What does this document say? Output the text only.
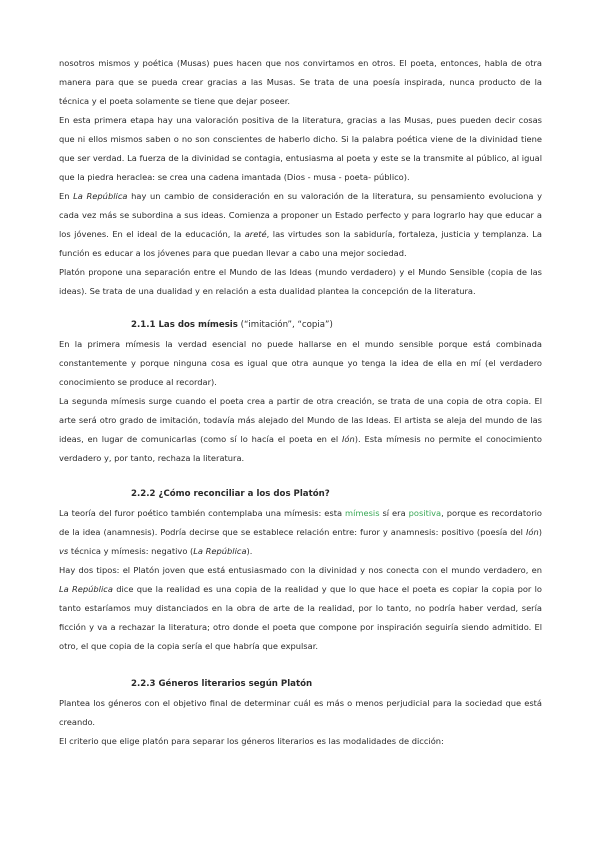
nosotros mismos y poética (Musas) pues hacen que nos convirtamos en otros. El poeta, entonces, habla de otra manera para que se pueda crear gracias a las Musas. Se trata de una poesía inspirada, nunca producto de la técnica y el poeta solamente se tiene que dejar poseer.

En esta primera etapa hay una valoración positiva de la literatura, gracias a las Musas, pues pueden decir cosas que ni ellos mismos saben o no son conscientes de haberlo dicho. Si la palabra poética viene de la divinidad tiene que ser verdad. La fuerza de la divinidad se contagia, entusiasma al poeta y este se la transmite al público, al igual que la piedra heraclea: se crea una cadena imantada (Dios - musa - poeta- público).

En La República hay un cambio de consideración en su valoración de la literatura, su pensamiento evoluciona y cada vez más se subordina a sus ideas. Comienza a proponer un Estado perfecto y para lograrlo hay que educar a los jóvenes. En el ideal de la educación, la areté, las virtudes son la sabiduría, fortaleza, justicia y templanza. La función es educar a los jóvenes para que puedan llevar a cabo una mejor sociedad.

Platón propone una separación entre el Mundo de las Ideas (mundo verdadero) y el Mundo Sensible (copia de las ideas). Se trata de una dualidad y en relación a esta dualidad plantea la concepción de la literatura.

2.1.1 Las dos mímesis (“imitación”, “copia”)

En la primera mímesis la verdad esencial no puede hallarse en el mundo sensible porque está combinada constantemente y porque ninguna cosa es igual que otra aunque yo tenga la idea de ella en mí (el verdadero conocimiento se produce al recordar).

La segunda mímesis surge cuando el poeta crea a partir de otra creación, se trata de una copia de otra copia. El arte será otro grado de imitación, todavía más alejado del Mundo de las Ideas. El artista se aleja del mundo de las ideas, en lugar de comunicarlas (como sí lo hacía el poeta en el Ión). Esta mímesis no permite el conocimiento verdadero y, por tanto, rechaza la literatura.

2.2.2 ¿Cómo reconciliar a los dos Platón?

La teoría del furor poético también contemplaba una mímesis: esta mímesis sí era positiva, porque es recordatorio de la idea (anamnesis). Podría decirse que se establece relación entre: furor y anamnesis: positivo (poesía del Ión) vs técnica y mímesis: negativo (La República).

Hay dos tipos: el Platón joven que está entusiasmado con la divinidad y nos conecta con el mundo verdadero, en La República dice que la realidad es una copia de la realidad y que lo que hace el poeta es copiar la copia por lo tanto estaríamos muy distanciados en la obra de arte de la realidad, por lo tanto, no podría haber verdad, sería ficción y va a rechazar la literatura; otro donde el poeta que compone por inspiración seguiría siendo admitido. El otro, el que copia de la copia sería el que habría que expulsar.

2.2.3 Géneros literarios según Platón

Plantea los géneros con el objetivo final de determinar cuál es más o menos perjudicial para la sociedad que está creando.

El criterio que elige platón para separar los géneros literarios es las modalidades de dicción:
